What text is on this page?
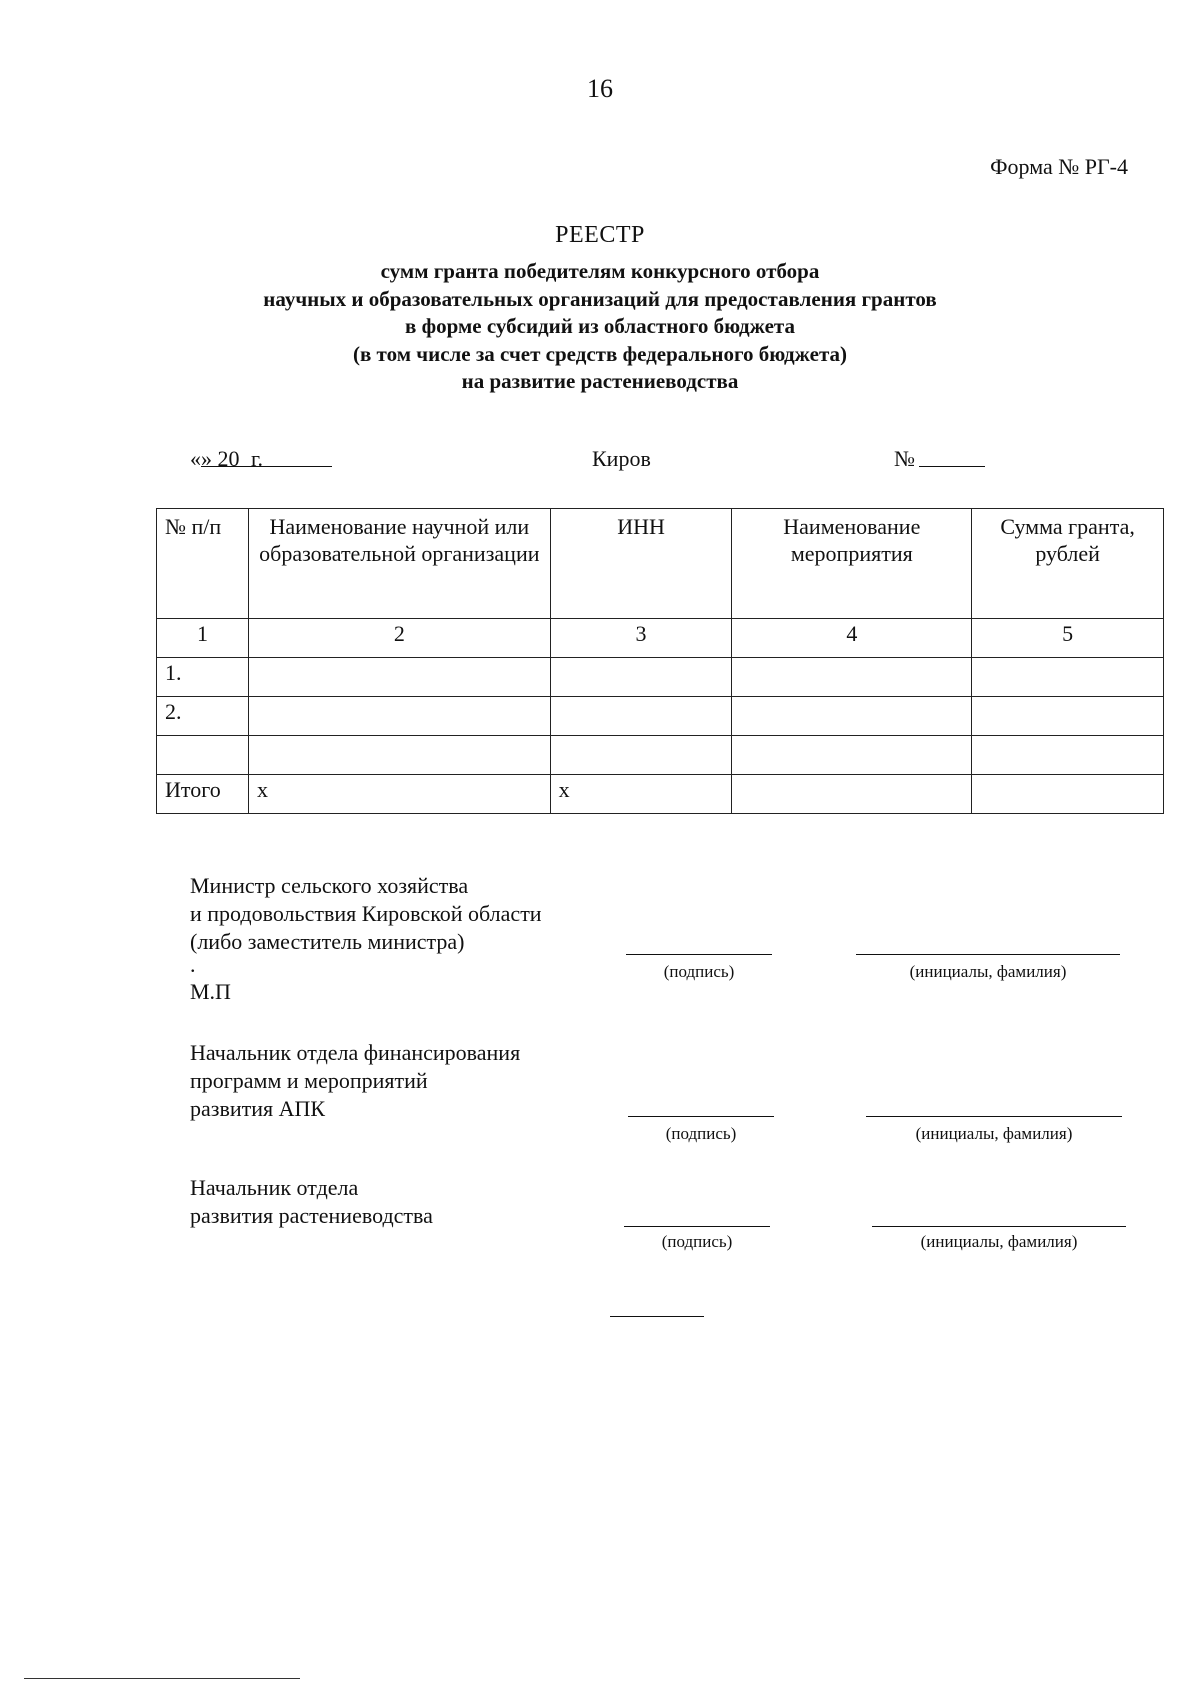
16
Форма № РГ-4
РЕЕСТР
сумм гранта победителям конкурсного отбора
научных и образовательных организаций для предоставления грантов
в форме субсидий из областного бюджета
(в том числе за счет средств федерального бюджета)
на развитие растениеводства
«
» 20 г.	Киров	№
№ п/п	Наименование научной или образовательной организации	ИНН	Наименование мероприятия	Сумма гранта, рублей
1	2	3	4	5
1.				
2.				

Итого	х	х		
Министр сельского хозяйства
и продовольствия Кировской области
(либо заместитель министра)
.
М.П
(подпись)	(инициалы, фамилия)
Начальник отдела финансирования
программ и мероприятий
развития АПК
(подпись)	(инициалы, фамилия)
Начальник отдела
развития растениеводства
(подпись)	(инициалы, фамилия)
